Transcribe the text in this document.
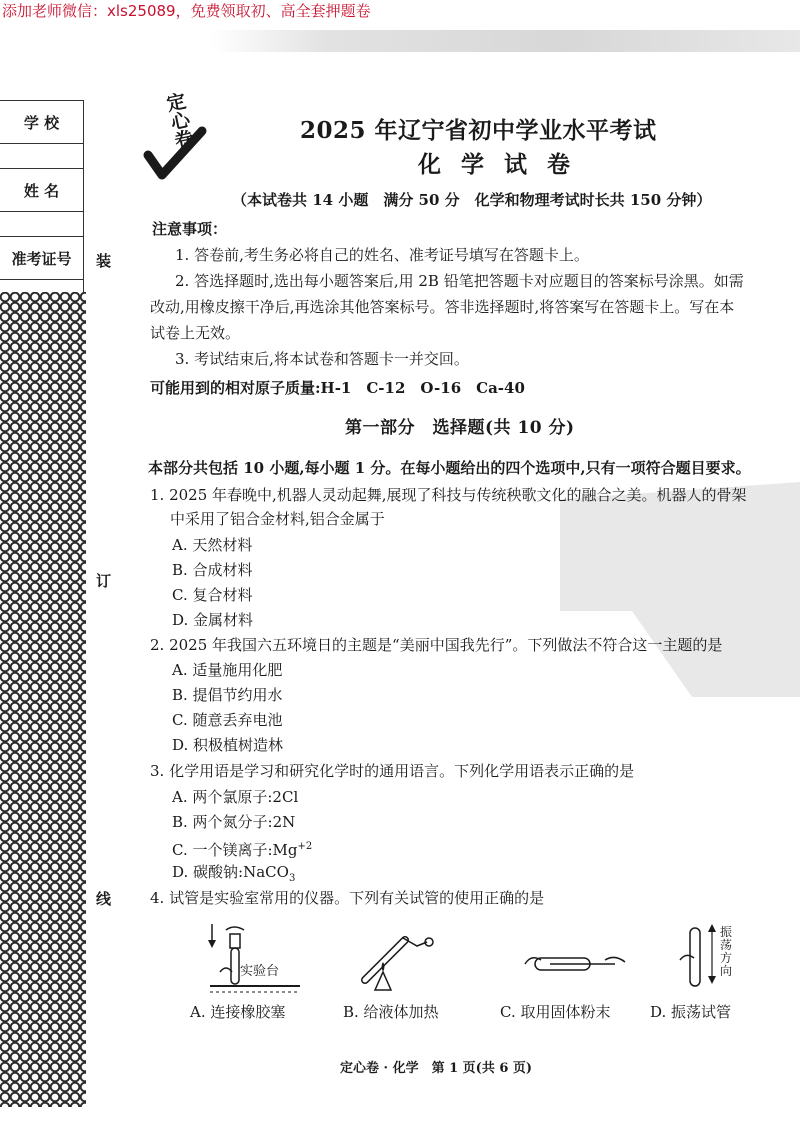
添加老师微信：xls25089，免费领取初、高全套押题卷
学 校
姓 名
准考证号	装
订
线
定心卷	2025 年辽宁省初中学业水平考试
化 学 试 卷
（本试卷共 14 小题　满分 50 分　化学和物理考试时长共 150 分钟）
注意事项：
1. 答卷前,考生务必将自己的姓名、准考证号填写在答题卡上。
2. 答选择题时,选出每小题答案后,用 2B 铅笔把答题卡对应题目的答案标号涂黑。如需
改动,用橡皮擦干净后,再选涂其他答案标号。答非选择题时,将答案写在答题卡上。写在本
试卷上无效。
3. 考试结束后,将本试卷和答题卡一并交回。
可能用到的相对原子质量:H-1　C-12　O-16　Ca-40
第一部分　选择题(共 10 分)
本部分共包括 10 小题,每小题 1 分。在每小题给出的四个选项中,只有一项符合题目要求。
1. 2025 年春晚中,机器人灵动起舞,展现了科技与传统秧歌文化的融合之美。机器人的骨架
中采用了铝合金材料,铝合金属于
A. 天然材料
B. 合成材料
C. 复合材料
D. 金属材料
2. 2025 年我国六五环境日的主题是“美丽中国我先行”。下列做法不符合这一主题的是
A. 适量施用化肥
B. 提倡节约用水
C. 随意丢弃电池
D. 积极植树造林
3. 化学用语是学习和研究化学时的通用语言。下列化学用语表示正确的是
A. 两个氯原子:2Cl
B. 两个氮分子:2N
C. 一个镁离子$:Mg^{+2}$
D. 碳酸钠:NaCO$_3$
4. 试管是实验室常用的仪器。下列有关试管的使用正确的是
实验台
振荡方向
A. 连接橡胶塞	B. 给液体加热	C. 取用固体粉末	D. 振荡试管
定心卷 · 化学　第 1 页(共 6 页)
